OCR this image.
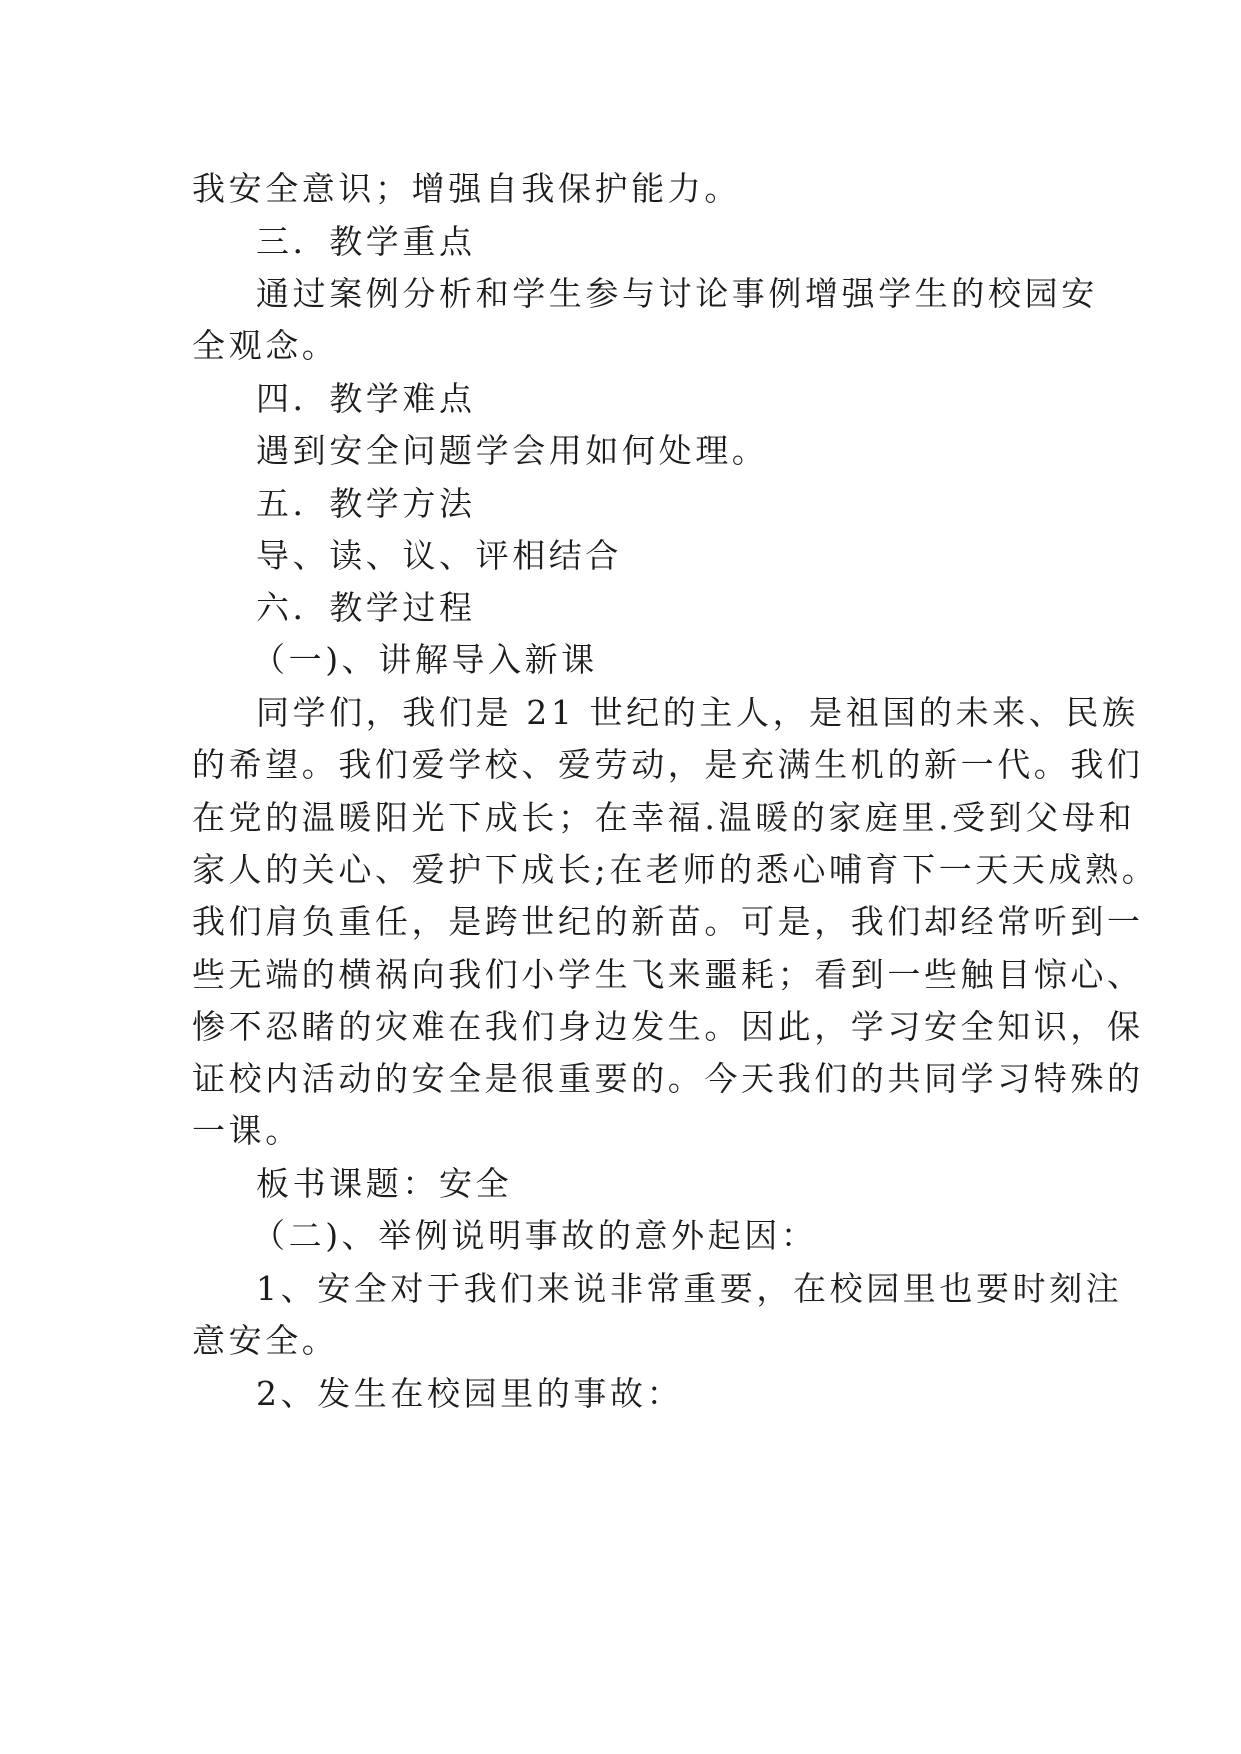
我安全意识；增强自我保护能力。
三．教学重点
通过案例分析和学生参与讨论事例增强学生的校园安
全观念。
四．教学难点
遇到安全问题学会用如何处理。
五．教学方法
导、读、议、评相结合
六．教学过程
（一)、讲解导入新课
同学们，我们是 21 世纪的主人，是祖国的未来、民族
的希望。我们爱学校、爱劳动，是充满生机的新一代。我们
在党的温暖阳光下成长；在幸福.温暖的家庭里.受到父母和
家人的关心、爱护下成长;在老师的悉心哺育下一天天成熟。
我们肩负重任，是跨世纪的新苗。可是，我们却经常听到一
些无端的横祸向我们小学生飞来噩耗；看到一些触目惊心、
惨不忍睹的灾难在我们身边发生。因此，学习安全知识，保
证校内活动的安全是很重要的。今天我们的共同学习特殊的
一课。
板书课题：安全
（二)、举例说明事故的意外起因：
1、安全对于我们来说非常重要，在校园里也要时刻注
意安全。
2、发生在校园里的事故：
